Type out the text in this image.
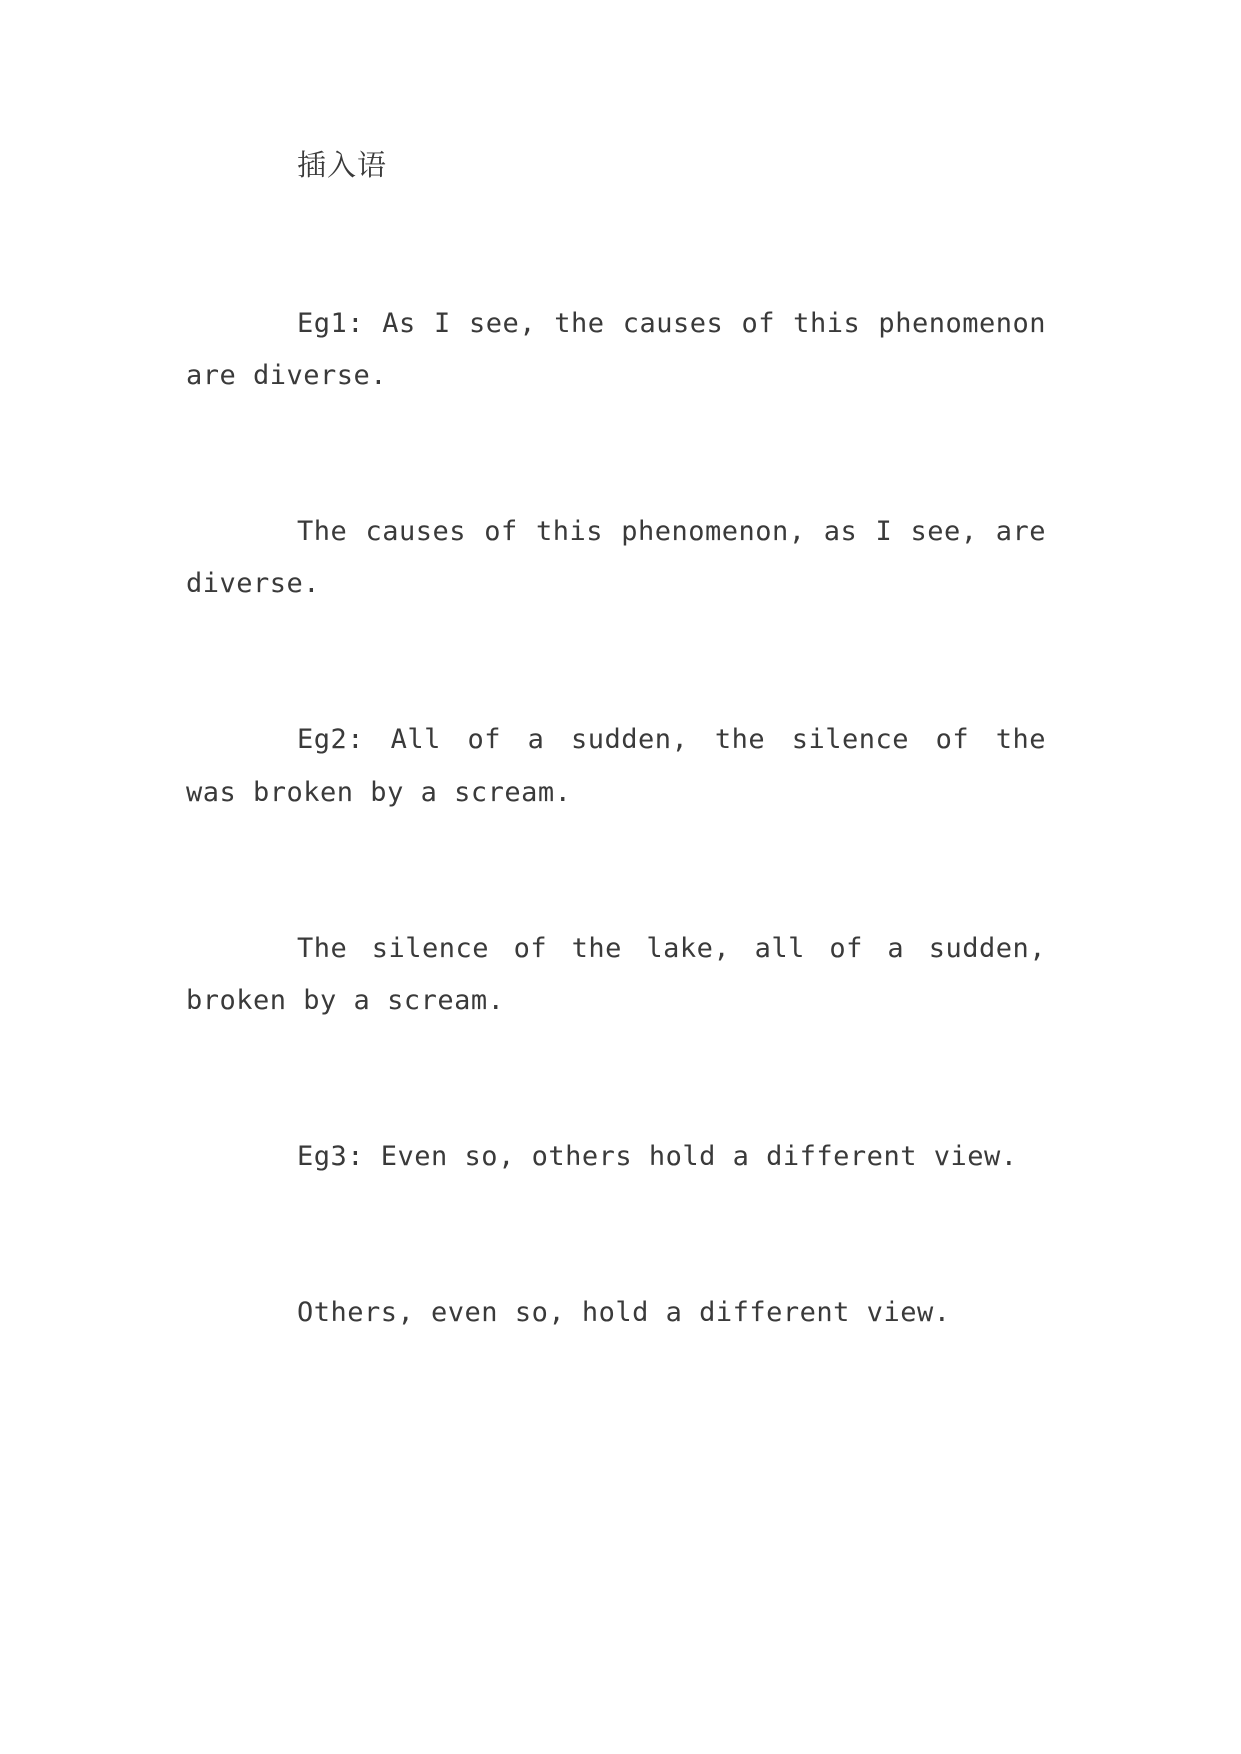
插入语

Eg1: As I see, the causes of this phenomenon

are diverse.

The causes of this phenomenon, as I see, are

diverse.

Eg2: All of a sudden, the silence of the

was broken by a scream.

The silence of the lake, all of a sudden,

broken by a scream.

Eg3: Even so, others hold a different view.

Others, even so, hold a different view.
